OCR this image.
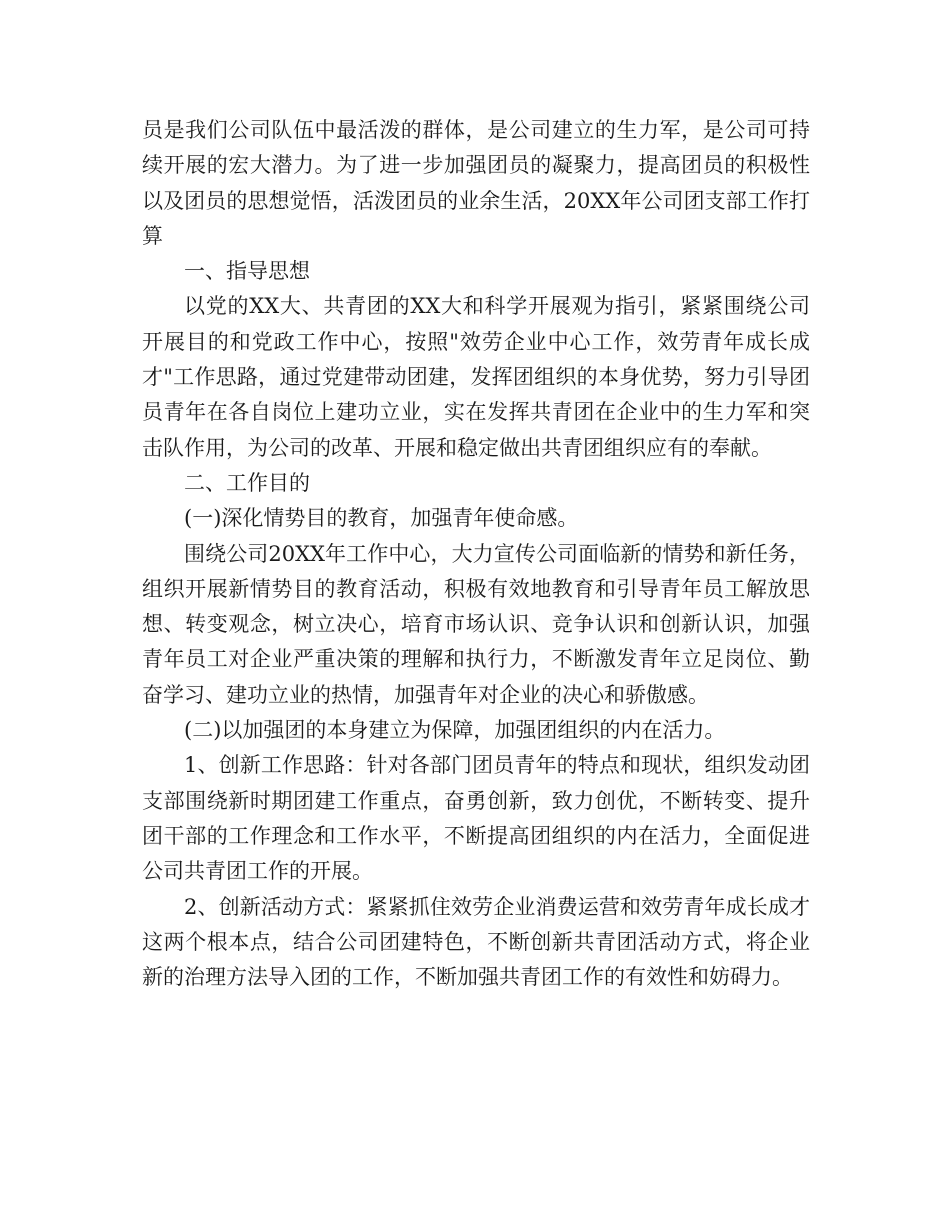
员是我们公司队伍中最活泼的群体，是公司建立的生力军，是公司可持续开展的宏大潜力。为了进一步加强团员的凝聚力，提高团员的积极性以及团员的思想觉悟，活泼团员的业余生活，20XX年公司团支部工作打算

一、指导思想

以党的XX大、共青团的XX大和科学开展观为指引，紧紧围绕公司开展目的和党政工作中心，按照"效劳企业中心工作，效劳青年成长成才"工作思路，通过党建带动团建，发挥团组织的本身优势，努力引导团员青年在各自岗位上建功立业，实在发挥共青团在企业中的生力军和突击队作用，为公司的改革、开展和稳定做出共青团组织应有的奉献。

二、工作目的

(一)深化情势目的教育，加强青年使命感。

围绕公司20XX年工作中心，大力宣传公司面临新的情势和新任务，组织开展新情势目的教育活动，积极有效地教育和引导青年员工解放思想、转变观念，树立决心，培育市场认识、竞争认识和创新认识，加强青年员工对企业严重决策的理解和执行力，不断激发青年立足岗位、勤奋学习、建功立业的热情，加强青年对企业的决心和骄傲感。

(二)以加强团的本身建立为保障，加强团组织的内在活力。

1、创新工作思路：针对各部门团员青年的特点和现状，组织发动团支部围绕新时期团建工作重点，奋勇创新，致力创优，不断转变、提升团干部的工作理念和工作水平，不断提高团组织的内在活力，全面促进公司共青团工作的开展。

2、创新活动方式：紧紧抓住效劳企业消费运营和效劳青年成长成才这两个根本点，结合公司团建特色，不断创新共青团活动方式，将企业新的治理方法导入团的工作，不断加强共青团工作的有效性和妨碍力。
